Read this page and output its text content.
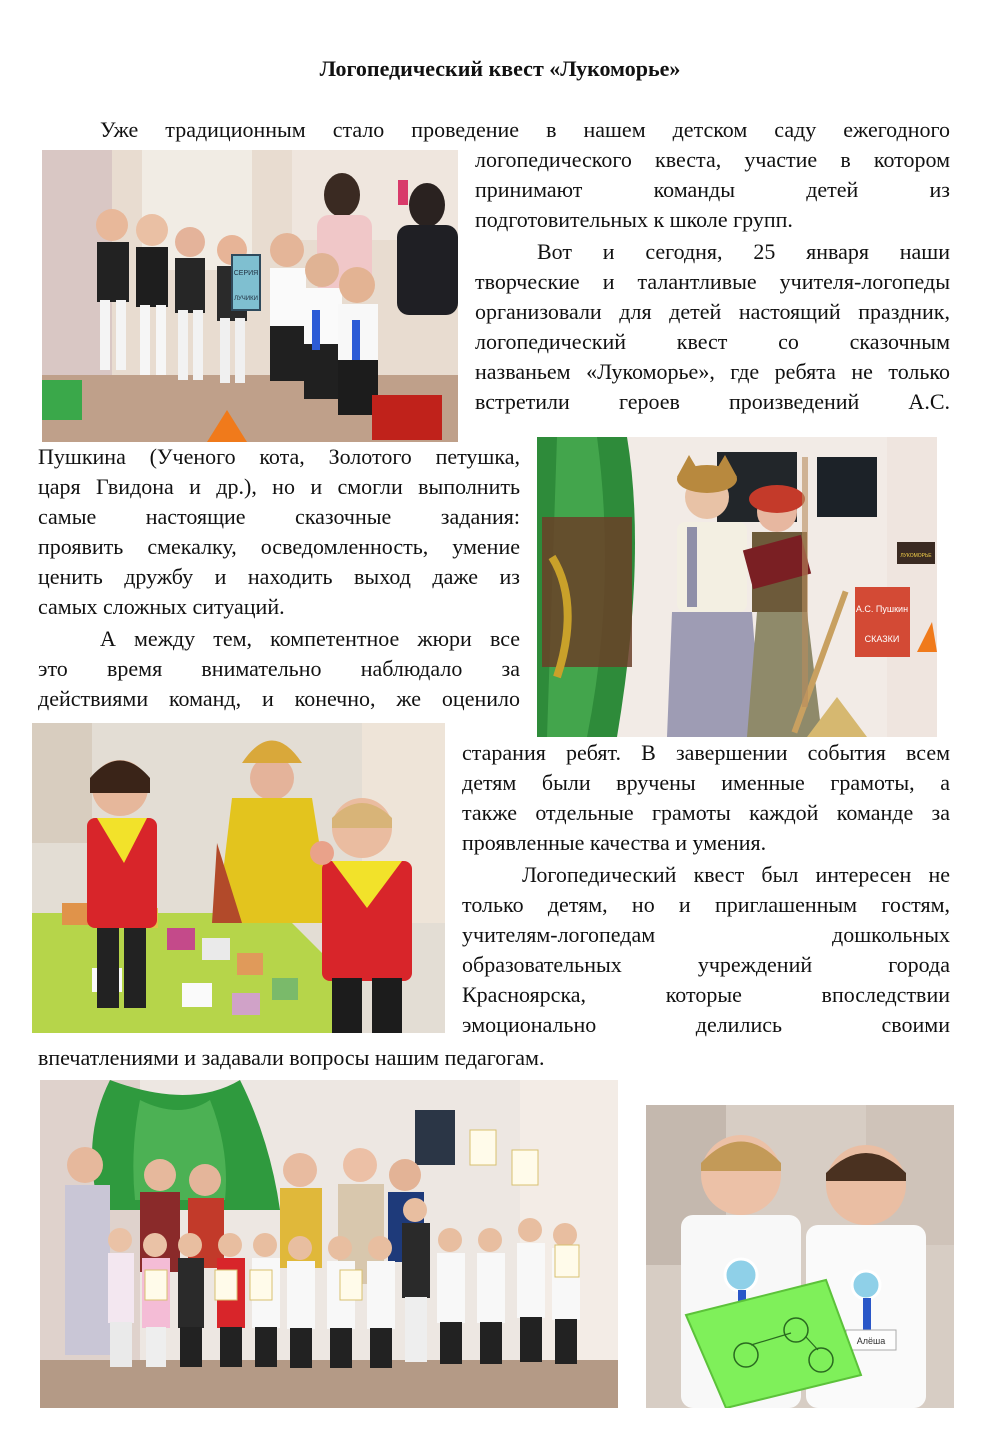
Логопедический квест «Лукоморье»
Уже традиционным стало проведение в нашем детском саду ежегодного
логопедического квеста, участие в котором
принимают команды детей из
подготовительных к школе групп.
Вот и сегодня, 25 января наши
творческие и талантливые учителя-логопеды
организовали для детей настоящий праздник,
логопедический квест со сказочным
названьем «Лукоморье», где ребята не только
встретили героев произведений А.С.
Пушкина (Ученого кота, Золотого петушка,
царя Гвидона и др.), но и смогли выполнить
самые настоящие сказочные задания:
проявить смекалку, осведомленность, умение
ценить дружбу и находить выход даже из
самых сложных ситуаций.
А между тем, компетентное жюри все
это время внимательно наблюдало за
действиями команд, и конечно, же оценило
старания ребят. В завершении события всем
детям были вручены именные грамоты, а
также отдельные грамоты каждой команде за
проявленные качества и умения.
Логопедический квест был интересен не
только детям, но и приглашенным гостям,
учителям-логопедам дошкольных
образовательных учреждений города
Красноярска, которые впоследствии
эмоционально делились своими
впечатлениями и задавали вопросы нашим педагогам.
СЕРИЯ
ЛУЧИКИ
А.С. Пушкин
СКАЗКИ
ЛУКОМОРЬЕ
Алёша
